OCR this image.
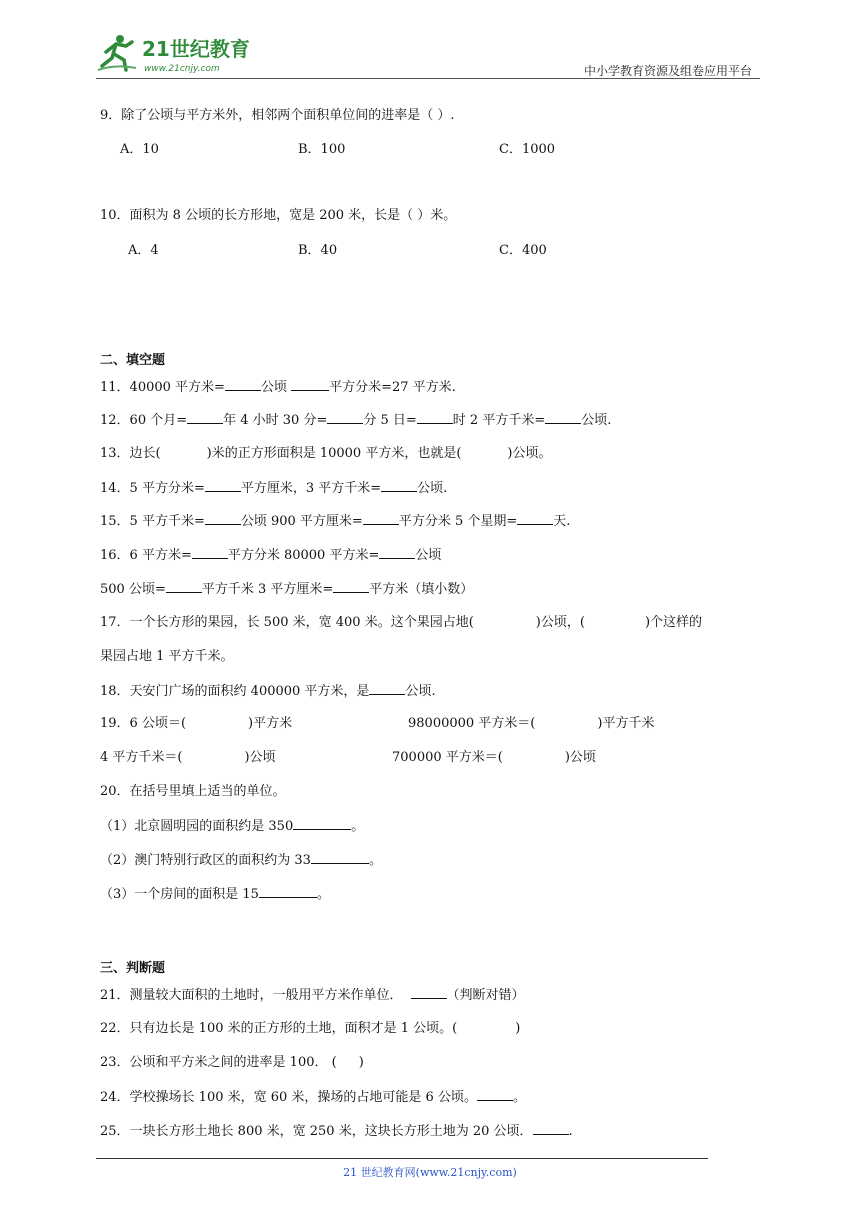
21世纪教育
www.21cnjy.com	中小学教育资源及组卷应用平台
9．除了公顷与平方米外，相邻两个面积单位间的进率是（ ）.
A．10	B．100	C．1000
10．面积为 8 公顷的长方形地，宽是 200 米，长是（ ）米。
A．4	B．40	C．400
二、填空题
11．40000 平方米=	公顷	平方分米=27 平方米.
12．60 个月=	年 4 小时 30 分=	分 5 日=	时 2 平方千米=	公顷.
13．边长(	)米的正方形面积是 10000 平方米，也就是(	)公顷。
14．5 平方分米=	平方厘米，3 平方千米=	公顷.
15．5 平方千米=	公顷 900 平方厘米=	平方分米 5 个星期=	天.
16．6 平方米=	平方分米 80000 平方米=	公顷
500 公顷=	平方千米 3 平方厘米=	平方米（填小数）
17．一个长方形的果园，长 500 米，宽 400 米。这个果园占地(	)公顷，(	)个这样的
果园占地 1 平方千米。
18．天安门广场的面积约 400000 平方米，是	公顷.
19．6 公顷＝(	)平方米	98000000 平方米＝(	)平方千米
4 平方千米＝(	)公顷	700000 平方米＝(	)公顷
20．在括号里填上适当的单位。
（1）北京圆明园的面积约是 350	。
（2）澳门特别行政区的面积约为 33	。
（3）一个房间的面积是 15	。
三、判断题
21．测量较大面积的土地时，一般用平方米作单位．	（判断对错）
22．只有边长是 100 米的正方形的土地，面积才是 1 公顷。(	)
23．公顷和平方米之间的进率是 100． ( )
24．学校操场长 100 米，宽 60 米，操场的占地可能是 6 公顷。	。
25．一块长方形土地长 800 米，宽 250 米，这块长方形土地为 20 公顷．	.
21 世纪教育网(www.21cnjy.com)
